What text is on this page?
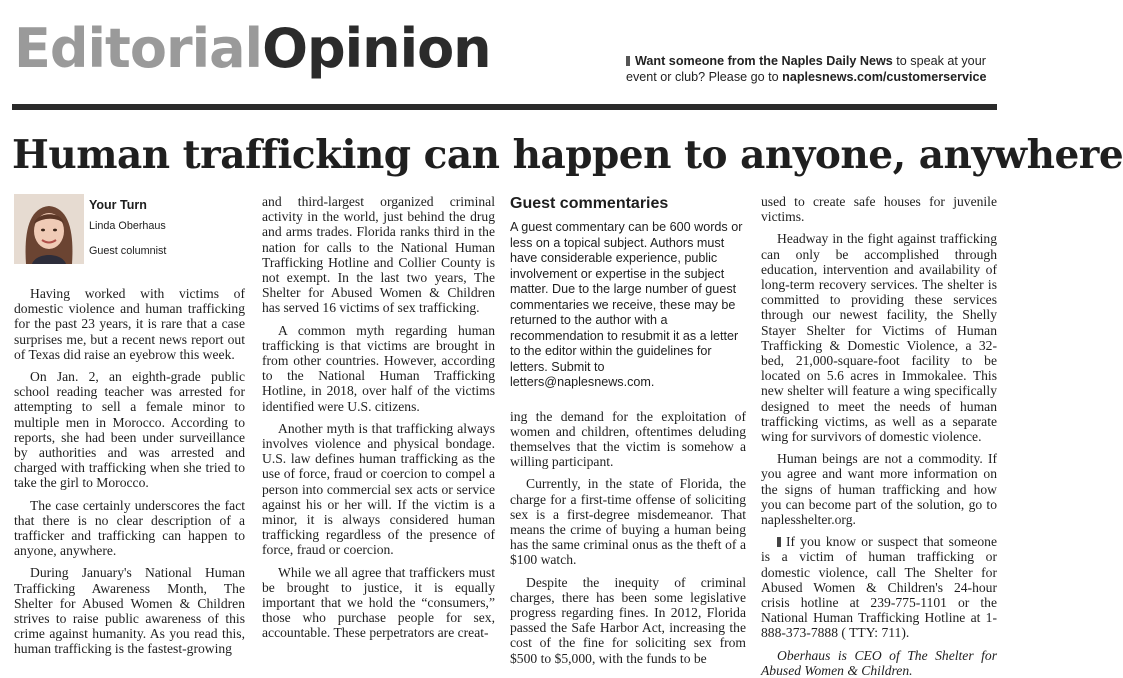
EditorialOpinion	Want someone from the Naples Daily News to speak at your event or club? Please go to naplesnews.com/customerservice
Human trafficking can happen to anyone, anywhere
Your Turn
Linda Oberhaus
Guest columnist

Having worked with victims of domestic violence and human trafficking for the past 23 years, it is rare that a case surprises me, but a recent news report out of Texas did raise an eyebrow this week.

On Jan. 2, an eighth-grade public school reading teacher was arrested for attempting to sell a female minor to multiple men in Morocco. According to reports, she had been under surveillance by authorities and was arrested and charged with trafficking when she tried to take the girl to Morocco.

The case certainly underscores the fact that there is no clear description of a trafficker and trafficking can happen to anyone, anywhere.

During January's National Human Trafficking Awareness Month, The Shelter for Abused Women & Children strives to raise public awareness of this crime against humanity. As you read this, human trafficking is the fastest-growing

and third-largest organized criminal activity in the world, just behind the drug and arms trades. Florida ranks third in the nation for calls to the National Human Trafficking Hotline and Collier County is not exempt. In the last two years, The Shelter for Abused Women & Children has served 16 victims of sex trafficking.

A common myth regarding human trafficking is that victims are brought in from other countries. However, according to the National Human Trafficking Hotline, in 2018, over half of the victims identified were U.S. citizens.

Another myth is that trafficking always involves violence and physical bondage. U.S. law defines human trafficking as the use of force, fraud or coercion to compel a person into commercial sex acts or service against his or her will. If the victim is a minor, it is always considered human trafficking regardless of the presence of force, fraud or coercion.

While we all agree that traffickers must be brought to justice, it is equally important that we hold the “consumers,” those who purchase people for sex, accountable. These perpetrators are creat-

Guest commentaries
A guest commentary can be 600 words or less on a topical subject. Authors must have considerable experience, public involvement or expertise in the subject matter. Due to the large number of guest commentaries we receive, these may be returned to the author with a recommendation to resubmit it as a letter to the editor within the guidelines for letters. Submit to letters@naplesnews.com.

ing the demand for the exploitation of women and children, oftentimes deluding themselves that the victim is somehow a willing participant.

Currently, in the state of Florida, the charge for a first-time offense of soliciting sex is a first-degree misdemeanor. That means the crime of buying a human being has the same criminal onus as the theft of a $100 watch.

Despite the inequity of criminal charges, there has been some legislative progress regarding fines. In 2012, Florida passed the Safe Harbor Act, increasing the cost of the fine for soliciting sex from $500 to $5,000, with the funds to be

used to create safe houses for juvenile victims.

Headway in the fight against trafficking can only be accomplished through education, intervention and availability of long-term recovery services. The shelter is committed to providing these services through our newest facility, the Shelly Stayer Shelter for Victims of Human Trafficking & Domestic Violence, a 32-bed, 21,000-square-foot facility to be located on 5.6 acres in Immokalee. This new shelter will feature a wing specifically designed to meet the needs of human trafficking victims, as well as a separate wing for survivors of domestic violence.

Human beings are not a commodity. If you agree and want more information on the signs of human trafficking and how you can become part of the solution, go to naplesshelter.org.

If you know or suspect that someone is a victim of human trafficking or domestic violence, call The Shelter for Abused Women & Children's 24-hour crisis hotline at 239-775-1101 or the National Human Trafficking Hotline at 1-888-373-7888 ( TTY: 711).

Oberhaus is CEO of The Shelter for Abused Women & Children.
